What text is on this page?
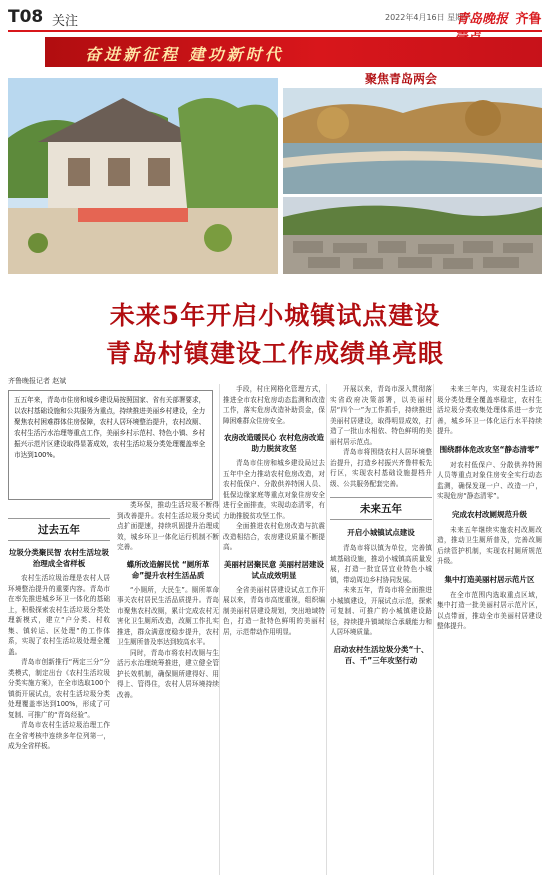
T08 关注	2022年4月16日 星期六
青岛晚报 齐鲁
奋进新征程 建功新时代
聚焦青岛两会
未来5年开启小城镇试点建设
青岛村镇建设工作成绩单亮眼
齐鲁晚报记者 赵斌
五五年来，青岛市住房和城乡建设局按照国家、省有关部署要求，以农村基础设施和公共服务为重点，持续推进美丽乡村建设，全力聚焦农村困难群体住房保障，农村人居环境整治提升，农村改厕、农村生活污水治理等重点工作，美丽乡村示范村、特色小镇、乡村振兴示范片区建设取得显著成效，农村生活垃圾分类处理覆盖率全市达到100%。
过去五年
垃圾分类聚民智 农村生活垃圾治理成全省样板

农村生活垃圾治理是农村人居环境整治提升的重要内容。青岛市在率先推进城乡环卫一体化的基础上，积极探索农村生活垃圾分类处理新模式，建立“户分类、村收集、镇转运、区处理”的工作体系，实现了农村生活垃圾处理全覆盖。

青岛市创新推行“两定三分”分类模式，制定出台《农村生活垃圾分类实施方案》，在全市选取100个镇街开展试点，农村生活垃圾分类处理覆盖率达到100%，形成了可复制、可推广的“青岛经验”。

青岛市农村生活垃圾治理工作在全省考核中连续多年位列第一，成为全省样板。

类环保，推动生活垃圾不断得到改善提升。农村生活垃圾分类试点扩面提速，持续巩固提升治理成效，城乡环卫一体化运行机制不断完善。

蝶所改造解民忧 “厕所革命”提升农村生活品质

“小厕所，大民生”。厕所革命事关农村居民生活品质提升。青岛市聚焦农村改厕，累计完成农村无害化卫生厕所改造，改厕工作扎实推进，群众满意度稳步提升，农村卫生厕所普及率达到较高水平。

同时，青岛市将农村改厕与生活污水治理统筹推进，建立健全管护长效机制，确保厕所建得好、用得上、管得住，农村人居环境持续改善。

手段，村庄网格化管理方式，推进全市农村危房动态监测和改造工作，落实危房改造补助资金，保障困难群众住房安全。

农房改造暖民心 农村危房改造助力脱贫攻坚

青岛市住房和城乡建设局过去五年中全力推动农村危房改造，对农村低保户、分散供养特困人员、低保边缘家庭等重点对象住房安全进行全面排查，实现动态清零，有力助推脱贫攻坚工作。

全面推进农村危房改造与抗震改造相结合，农房建设质量不断提高。

美丽村居聚民意 美丽村居建设试点成效明显

全省美丽村居建设试点工作开展以来，青岛市高度重视，组织编制美丽村居建设规划，突出地域特色，打造一批特色鲜明的美丽村居，示范带动作用明显。

开展以来，青岛市深入贯彻落实省政府决策部署，以美丽村居“四个一”为工作抓手，持续推进美丽村居建设，取得明显成效，打造了一批山水相依、特色鲜明的美丽村居示范点。

青岛市将围绕农村人居环境整治提升，打造乡村振兴齐鲁样板先行区，实现农村基础设施提档升级、公共服务配套完善。

未来五年
开启小城镇试点建设

青岛市将以镇为单位，完善镇域基础设施，推动小城镇高质量发展，打造一批宜居宜业特色小城镇，带动周边乡村协同发展。

未来五年，青岛市将全面推进小城镇建设，开展试点示范，探索可复制、可推广的小城镇建设路径，持续提升镇域综合承载能力和人居环境质量。

启动农村生活垃圾分类“十、百、千”三年攻坚行动

未来三年内，实现农村生活垃圾分类处理全覆盖率稳定，农村生活垃圾分类收集处理体系进一步完善，城乡环卫一体化运行水平持续提升。

围绕群体危改攻坚“静态清零”

对农村低保户、分散供养特困人员等重点对象住房安全实行动态监测，确保发现一户、改造一户，实现危房“静态清零”。

完成农村改厕规范升级

未来五年继续实施农村改厕改造，推动卫生厕所普及，完善改厕后续管护机制，实现农村厕所规范升级。

集中打造美丽村居示范片区

在全市范围内选取重点区域，集中打造一批美丽村居示范片区，以点带面，推动全市美丽村居建设整体提升。
